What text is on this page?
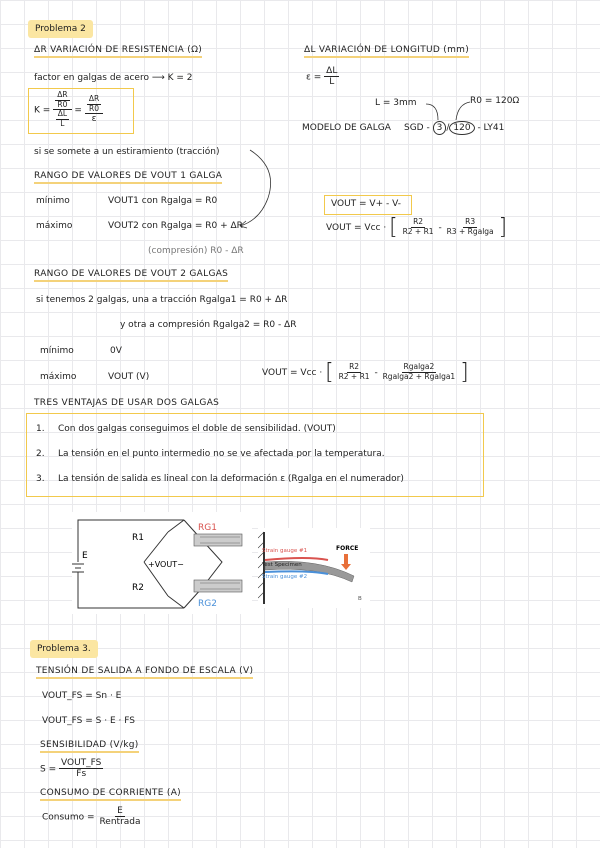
Problema 2
ΔR VARIACIÓN DE RESISTENCIA (Ω)	ΔL VARIACIÓN DE LONGITUD (mm)
factor en galgas de acero ⟶ K = 2	$\varepsilon = \frac{\Delta L}{L}$
$K = \frac{\frac{\Delta R}{R0}}{\frac{\Delta L}{L}} = \frac{\frac{\Delta R}{R0}}{\varepsilon}$	L = 3mm	R0 = 120Ω
MODELO DE GALGA SGD - 3 / 120 - LY41
si se somete a un estiramiento (tracción)
RANGO DE VALORES DE VOUT 1 GALGA
mínimo	VOUT1 con Rgalga = R0
máximo	VOUT2 con Rgalga = R0 + ΔR
(compresión) R0 - ΔR
VOUT = V+ - V-
VOUT = Vcc · [ $\frac{R2}{R2 + R1} - \frac{R3}{\text{R3 + Rgalga}}$ ]
RANGO DE VALORES DE VOUT 2 GALGAS
si tenemos 2 galgas, una a tracción Rgalga1 = R0 + ΔR
y otra a compresión Rgalga2 = R0 - ΔR
mínimo	0V
máximo	VOUT (V)	VOUT = Vcc · [ $\frac{R2}{R2 + R1} - \frac{\text{Rgalga2}}{\text{Rgalga2 + Rgalga1}}$ ]
TRES VENTAJAS DE USAR DOS GALGAS
1. Con dos galgas conseguimos el doble de sensibilidad. (VOUT)
2. La tensión en el punto intermedio no se ve afectada por la temperatura.
3. La tensión de salida es lineal con la deformación ε (Rgalga en el numerador)
E
R1
R2
+VOUT−
RG1
RG2
Strain gauge #1
Test Specimen
Strain gauge #2
FORCE
B
Problema 3.
TENSIÓN DE SALIDA A FONDO DE ESCALA (V)
VOUT_FS = Sn · E
VOUT_FS = S · E · FS
SENSIBILIDAD (V/kg)
$S = \frac{\text{VOUT\_FS}}{Fs}$
CONSUMO DE CORRIENTE (A)
Consumo = $\frac{E}{\text{Rentrada}}$
